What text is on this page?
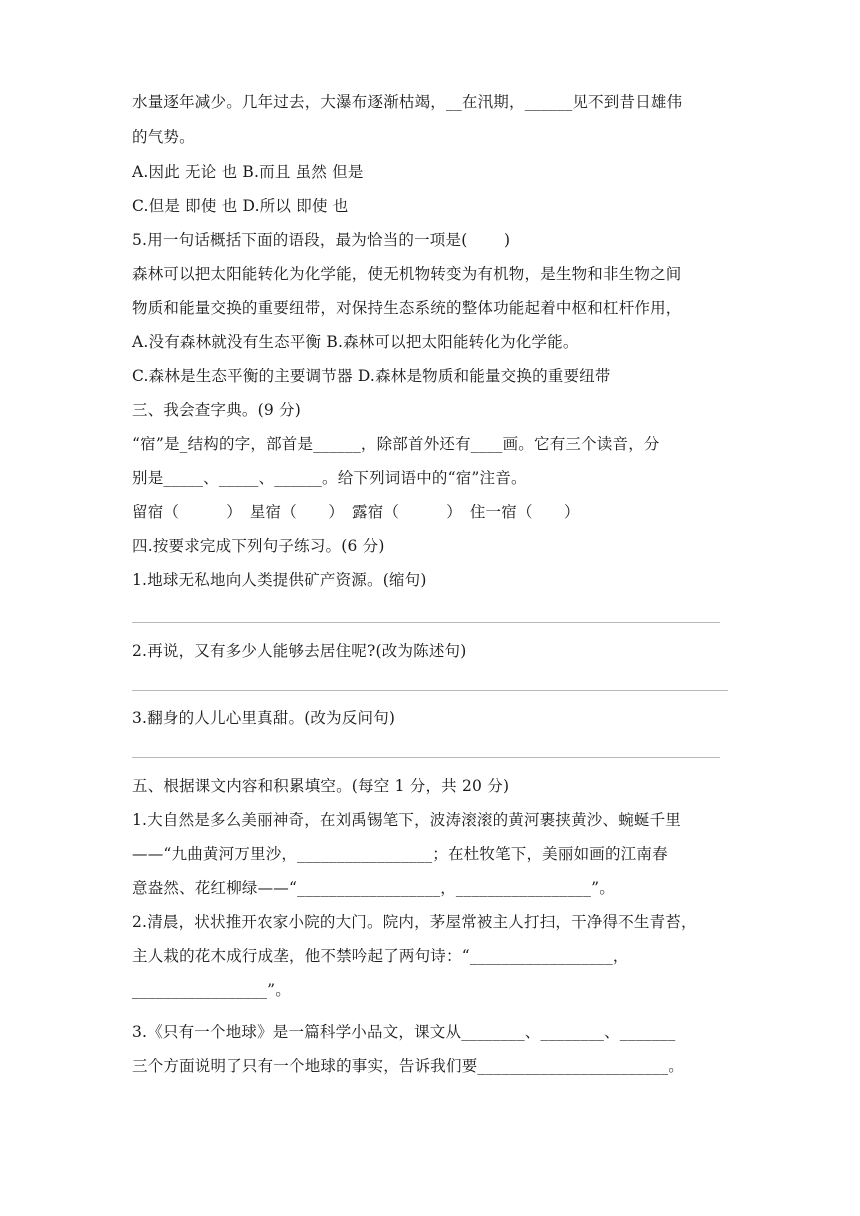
水量逐年减少。几年过去，大瀑布逐渐枯竭，__在汛期，______见不到昔日雄伟
的气势。
A.因此 无论 也 B.而且 虽然 但是
C.但是 即使 也 D.所以 即使 也
5.用一句话概括下面的语段，最为恰当的一项是(　　 )
森林可以把太阳能转化为化学能，使无机物转变为有机物，是生物和非生物之间
物质和能量交换的重要纽带，对保持生态系统的整体功能起着中枢和杠杆作用，
A.没有森林就没有生态平衡 B.森林可以把太阳能转化为化学能。
C.森林是生态平衡的主要调节器 D.森林是物质和能量交换的重要纽带
三、我会查字典。(9 分)
“宿”是_结构的字，部首是______，除部首外还有____画。它有三个读音，分
别是_____、_____、______。给下列词语中的“宿”注音。
留宿（　　　）　星宿（　　）　露宿（　　　）　住一宿（　　）
四.按要求完成下列句子练习。(6 分)
1.地球无私地向人类提供矿产资源。(缩句)
2.再说，又有多少人能够去居住呢?(改为陈述句)
3.翻身的人儿心里真甜。(改为反问句)
五、根据课文内容和积累填空。(每空 1 分，共 20 分)
1.大自然是多么美丽神奇，在刘禹锡笔下，波涛滚滚的黄河裹挟黄沙、蜿蜒千里
——“九曲黄河万里沙，_________________；在杜牧笔下，美丽如画的江南春
意盎然、花红柳绿——“__________________，_________________”。
2.清晨，状状推开农家小院的大门。院内，茅屋常被主人打扫，干净得不生青苔，
主人栽的花木成行成垄，他不禁吟起了两句诗：“__________________，
_________________”。
3.《只有一个地球》是一篇科学小品文，课文从________、________、_______
三个方面说明了只有一个地球的事实，告诉我们要________________________。
